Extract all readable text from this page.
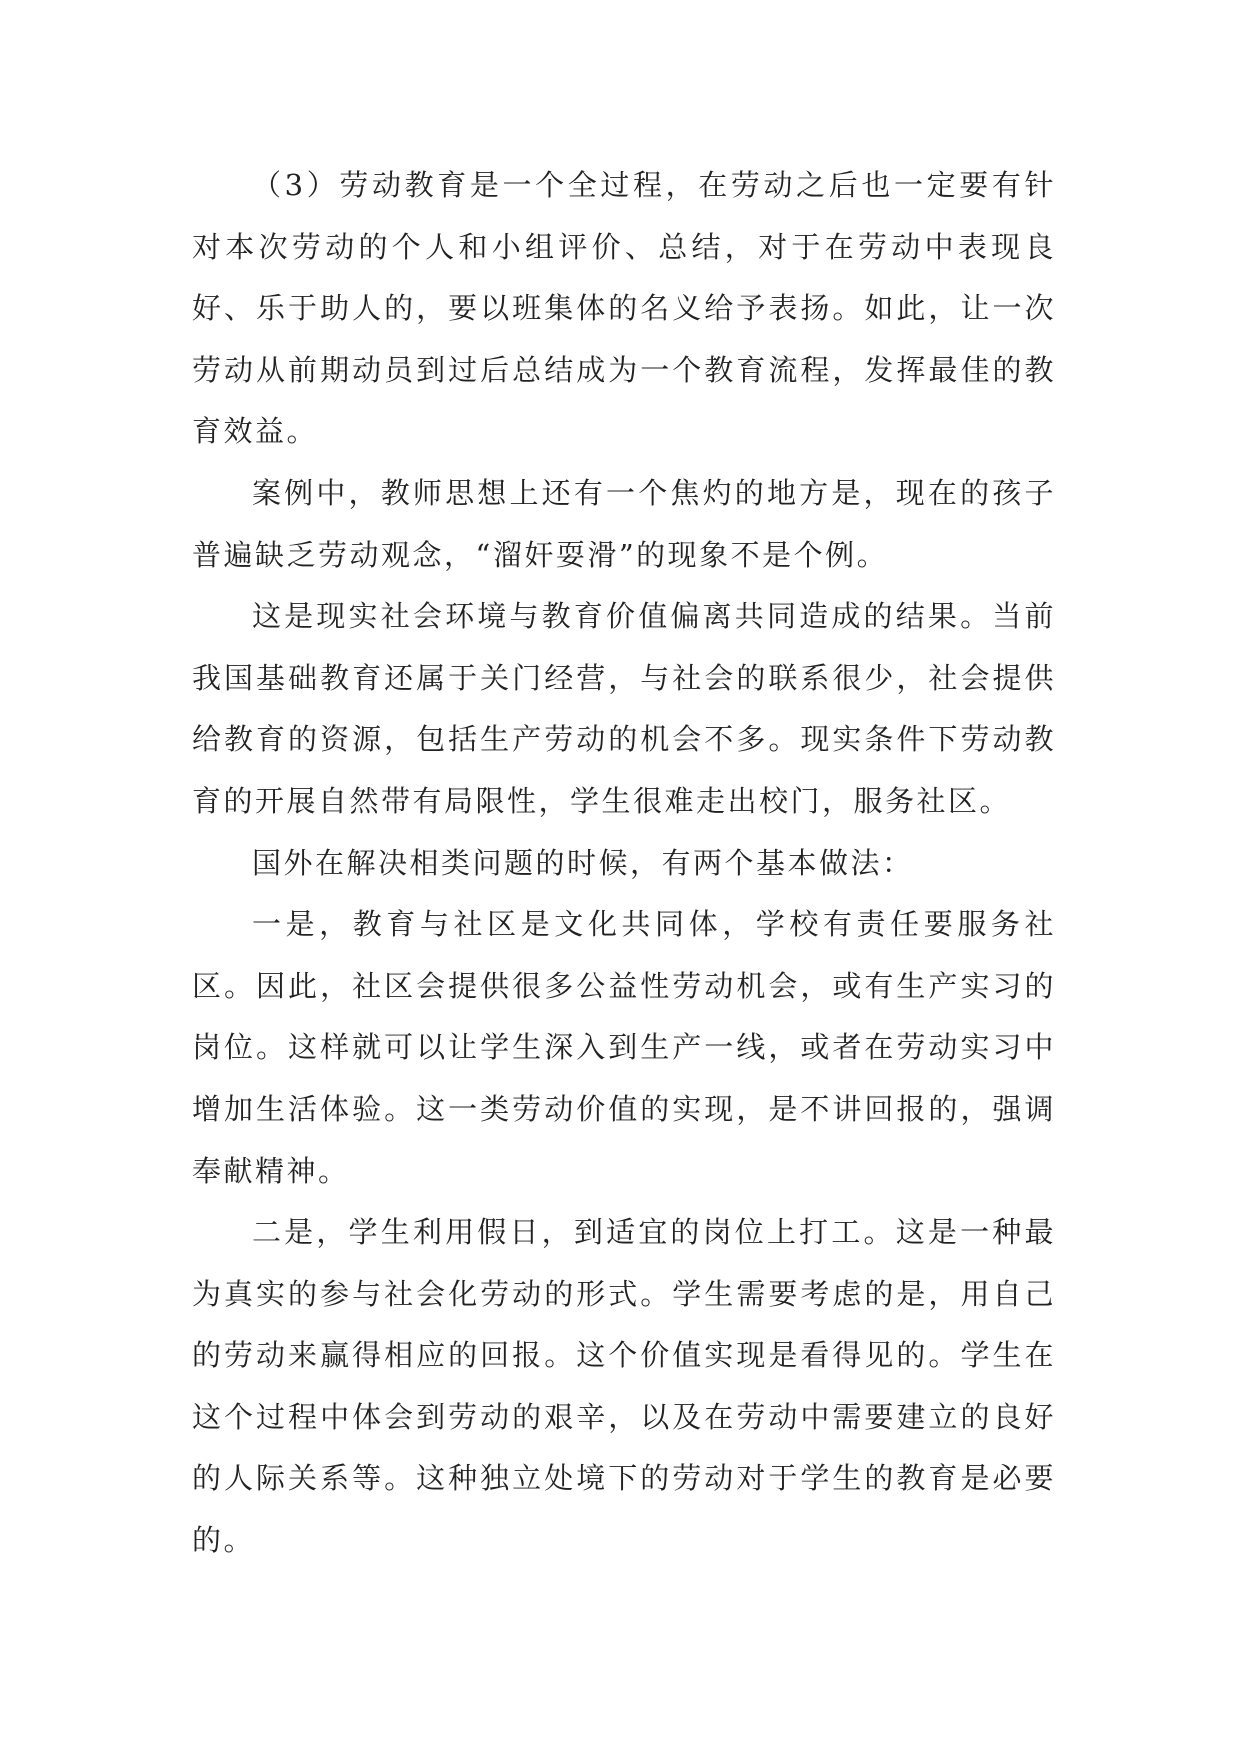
（3）劳动教育是一个全过程，在劳动之后也一定要有针对本次劳动的个人和小组评价、总结，对于在劳动中表现良好、乐于助人的，要以班集体的名义给予表扬。如此，让一次劳动从前期动员到过后总结成为一个教育流程，发挥最佳的教育效益。

案例中，教师思想上还有一个焦灼的地方是，现在的孩子普遍缺乏劳动观念，“溜奸耍滑”的现象不是个例。

这是现实社会环境与教育价值偏离共同造成的结果。当前我国基础教育还属于关门经营，与社会的联系很少，社会提供给教育的资源，包括生产劳动的机会不多。现实条件下劳动教育的开展自然带有局限性，学生很难走出校门，服务社区。

国外在解决相类问题的时候，有两个基本做法：

一是，教育与社区是文化共同体，学校有责任要服务社区。因此，社区会提供很多公益性劳动机会，或有生产实习的岗位。这样就可以让学生深入到生产一线，或者在劳动实习中增加生活体验。这一类劳动价值的实现，是不讲回报的，强调奉献精神。

二是，学生利用假日，到适宜的岗位上打工。这是一种最为真实的参与社会化劳动的形式。学生需要考虑的是，用自己的劳动来赢得相应的回报。这个价值实现是看得见的。学生在这个过程中体会到劳动的艰辛，以及在劳动中需要建立的良好的人际关系等。这种独立处境下的劳动对于学生的教育是必要的。
